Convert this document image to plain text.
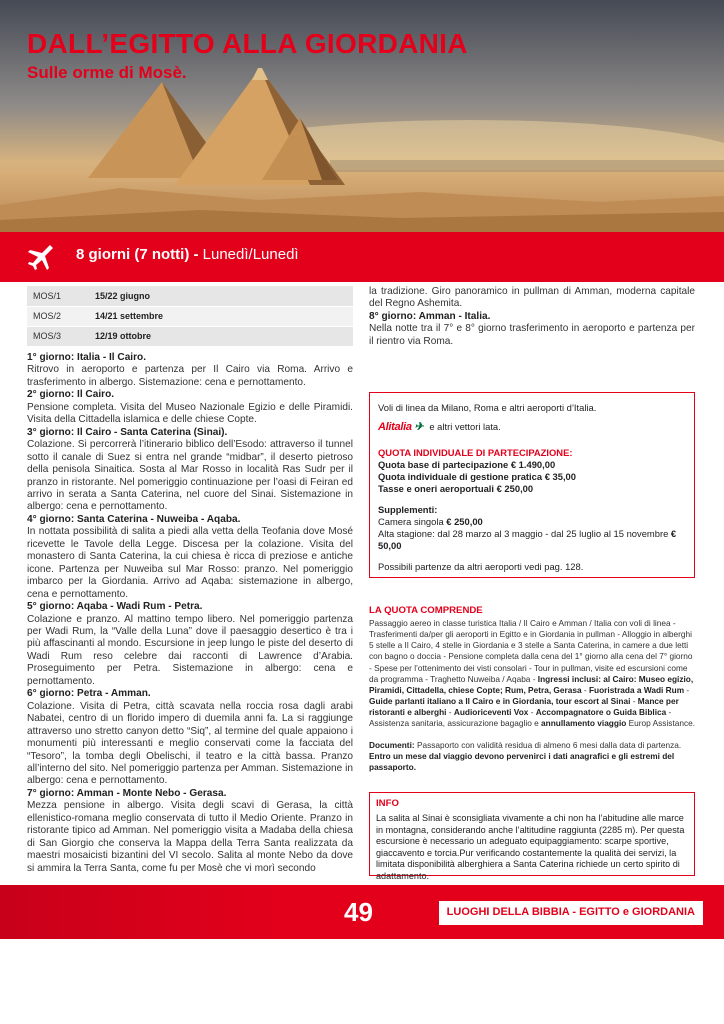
DALL’EGITTO ALLA GIORDANIA
Sulle orme di Mosè.
8 giorni (7 notti) - Lunedì/Lunedì
MOS/1	15/22 giugno
MOS/2	14/21 settembre
MOS/3	12/19 ottobre
1° giorno: Italia - Il Cairo.
Ritrovo in aeroporto e partenza per Il Cairo via Roma. Arrivo e trasferimento in albergo. Sistemazione: cena e pernottamento.
2° giorno: Il Cairo.
Pensione completa. Visita del Museo Nazionale Egizio e delle Piramidi. Visita della Cittadella islamica e delle chiese Copte.
3° giorno: Il Cairo - Santa Caterina (Sinai).
Colazione. Si percorrerà l’itinerario biblico dell’Esodo: attraverso il tunnel sotto il canale di Suez si entra nel grande “midbar”, il deserto pietroso della penisola Sinaitica. Sosta al Mar Rosso in località Ras Sudr per il pranzo in ristorante. Nel pomeriggio continuazione per l’oasi di Feiran ed arrivo in serata a Santa Caterina, nel cuore del Sinai. Sistemazione in albergo: cena e pernottamento.
4° giorno: Santa Caterina - Nuweiba - Aqaba.
In nottata possibilità di salita a piedi alla vetta della Teofania dove Mosé ricevette le Tavole della Legge. Discesa per la colazione. Visita del monastero di Santa Caterina, la cui chiesa è ricca di preziose e antiche icone. Partenza per Nuweiba sul Mar Rosso: pranzo. Nel pomeriggio imbarco per la Giordania. Arrivo ad Aqaba: sistemazione in albergo, cena e pernottamento.
5° giorno: Aqaba - Wadi Rum - Petra.
Colazione e pranzo. Al mattino tempo libero. Nel pomeriggio partenza per Wadi Rum, la “Valle della Luna” dove il paesaggio desertico è tra i più affascinanti al mondo. Escursione in jeep lungo le piste del deserto di Wadi Rum reso celebre dai racconti di Lawrence d’Arabia. Proseguimento per Petra. Sistemazione in albergo: cena e pernottamento.
6° giorno: Petra - Amman.
Colazione. Visita di Petra, città scavata nella roccia rosa dagli arabi Nabatei, centro di un florido impero di duemila anni fa. La si raggiunge attraverso uno stretto canyon detto “Siq”, al termine del quale appaiono i monumenti più interessanti e meglio conservati come la facciata del “Tesoro”, la tomba degli Obelischi, il teatro e la città bassa. Pranzo all’interno del sito. Nel pomeriggio partenza per Amman. Sistemazione in albergo: cena e pernottamento.
7° giorno: Amman - Monte Nebo - Gerasa.
Mezza pensione in albergo. Visita degli scavi di Gerasa, la città ellenistico-romana meglio conservata di tutto il Medio Oriente. Pranzo in ristorante tipico ad Amman. Nel pomeriggio visita a Madaba della chiesa di San Giorgio che conserva la Mappa della Terra Santa realizzata da maestri mosaicisti bizantini del VI secolo. Salita al monte Nebo da dove si ammira la Terra Santa, come fu per Mosè che vi morì secondo
la tradizione. Giro panoramico in pullman di Amman, moderna capitale del Regno Ashemita.
8° giorno: Amman - Italia.
Nella notte tra il 7° e 8° giorno trasferimento in aeroporto e partenza per il rientro via Roma.
Voli di linea da Milano, Roma e altri aeroporti d’Italia.
Alitalia ✈ e altri vettori lata.
QUOTA INDIVIDUALE DI PARTECIPAZIONE:
Quota base di partecipazione € 1.490,00
Quota individuale di gestione pratica € 35,00
Tasse e oneri aeroportuali € 250,00
Supplementi:
Camera singola € 250,00
Alta stagione: dal 28 marzo al 3 maggio - dal 25 luglio al 15 novembre € 50,00
Possibili partenze da altri aeroporti vedi pag. 128.
LA QUOTA COMPRENDE
Passaggio aereo in classe turistica Italia / Il Cairo e Amman / Italia con voli di linea - Trasferimenti da/per gli aeroporti in Egitto e in Giordania in pullman - Alloggio in alberghi 5 stelle a Il Cairo, 4 stelle in Giordania e 3 stelle a Santa Caterina, in camere a due letti con bagno o doccia - Pensione completa dalla cena del 1° giorno alla cena del 7° giorno - Spese per l’ottenimento dei visti consolari - Tour in pullman, visite ed escursioni come da programma - Traghetto Nuweiba / Aqaba - Ingressi inclusi: al Cairo: Museo egizio, Piramidi, Cittadella, chiese Copte; Rum, Petra, Gerasa - Fuoristrada a Wadi Rum - Guide parlanti italiano a Il Cairo e in Giordania, tour escort al Sinai - Mance per ristoranti e alberghi - Audioriceventi Vox - Accompagnatore o Guida Biblica - Assistenza sanitaria, assicurazione bagaglio e annullamento viaggio Europ Assistance.
Documenti: Passaporto con validità residua di almeno 6 mesi dalla data di partenza. Entro un mese dal viaggio devono pervenirci i dati anagrafici e gli estremi del passaporto.
INFO
La salita al Sinai è sconsigliata vivamente a chi non ha l’abitudine alle marce in montagna, considerando anche l’altitudine raggiunta (2285 m). Per questa escursione è necessario un adeguato equipaggiamento: scarpe sportive, giaccavento e torcia.Pur verificando costantemente la qualità dei servizi, la limitata disponibilità alberghiera a Santa Caterina richiede un certo spirito di adattamento.
49	LUOGHI DELLA BIBBIA - EGITTO e GIORDANIA
